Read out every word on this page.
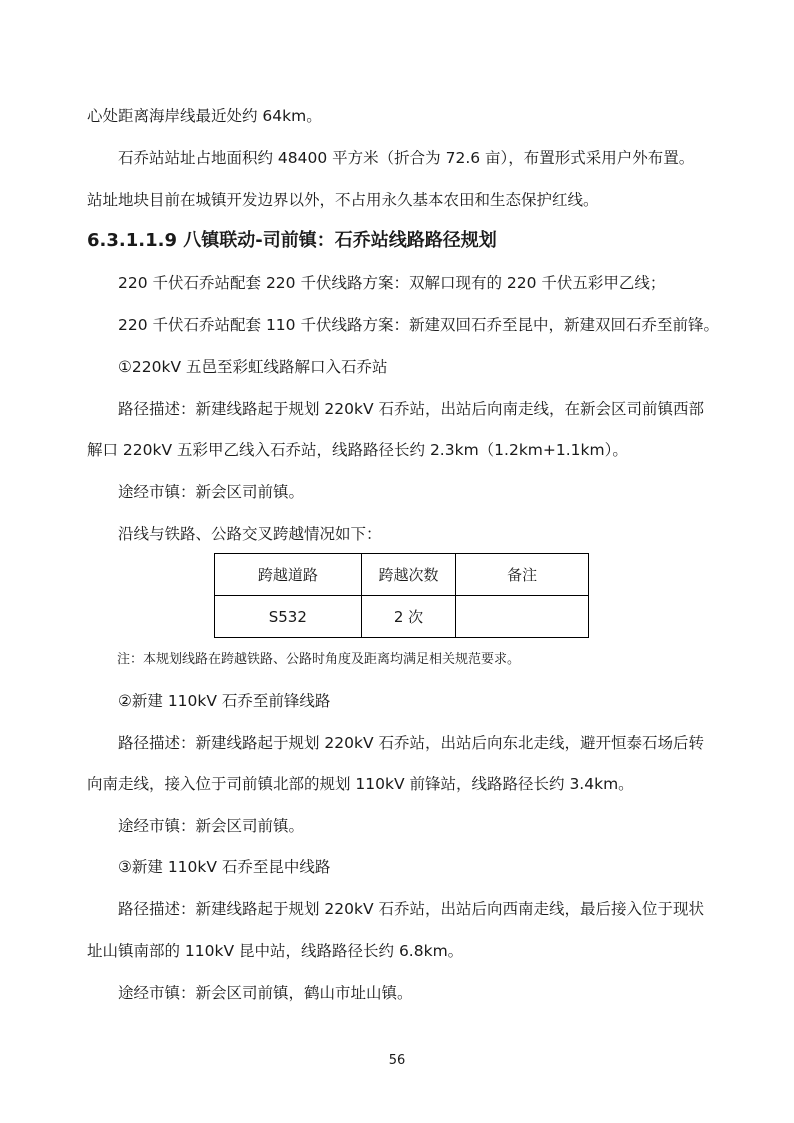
心处距离海岸线最近处约 64km。
石乔站站址占地面积约 48400 平方米（折合为 72.6 亩），布置形式采用户外布置。
站址地块目前在城镇开发边界以外，不占用永久基本农田和生态保护红线。
6.3.1.1.9 八镇联动-司前镇：石乔站线路路径规划
220 千伏石乔站配套 220 千伏线路方案：双解口现有的 220 千伏五彩甲乙线；
220 千伏石乔站配套 110 千伏线路方案：新建双回石乔至昆中，新建双回石乔至前锋。
①220kV 五邑至彩虹线路解口入石乔站
路径描述：新建线路起于规划 220kV 石乔站，出站后向南走线，在新会区司前镇西部
解口 220kV 五彩甲乙线入石乔站，线路路径长约 2.3km（1.2km+1.1km）。
途经市镇：新会区司前镇。
沿线与铁路、公路交叉跨越情况如下：
跨越道路	跨越次数	备注
S532	2 次	
注：本规划线路在跨越铁路、公路时角度及距离均满足相关规范要求。
②新建 110kV 石乔至前锋线路
路径描述：新建线路起于规划 220kV 石乔站，出站后向东北走线，避开恒泰石场后转
向南走线，接入位于司前镇北部的规划 110kV 前锋站，线路路径长约 3.4km。
途经市镇：新会区司前镇。
③新建 110kV 石乔至昆中线路
路径描述：新建线路起于规划 220kV 石乔站，出站后向西南走线，最后接入位于现状
址山镇南部的 110kV 昆中站，线路路径长约 6.8km。
途经市镇：新会区司前镇，鹤山市址山镇。
56
